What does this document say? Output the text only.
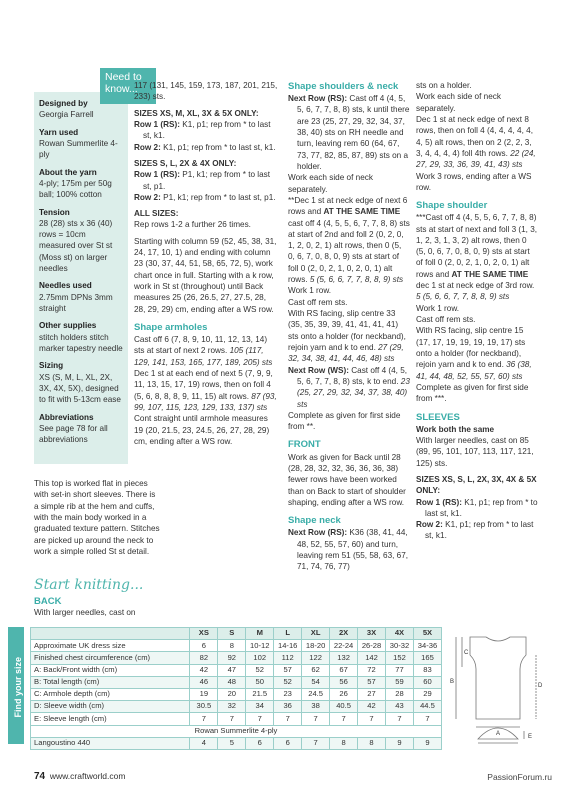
Designed by
Georgia Farrell
Yarn used
Rowan Summerlite 4-ply
About the yarn
4-ply; 175m per 50g ball; 100% cotton
Tension
28 (28) sts x 36 (40) rows = 10cm measured over St st (Moss st) on larger needles
Needles used
2.75mm DPNs 3mm straight
Other supplies
stitch holders stitch marker tapestry needle
Sizing
XS (S, M, L, XL, 2X, 3X, 4X, 5X), designed to fit with 5-13cm ease
Abbreviations
See page 78 for all abbreviations
Need to know...
This top is worked flat in pieces with set-in short sleeves. There is a simple rib at the hem and cuffs, with the main body worked in a graduated texture pattern. Stitches are picked up around the neck to work a simple rolled St st detail.
Start knitting...
BACK
With larger needles, cast on
117 (131, 145, 159, 173, 187, 201, 215, 233) sts.
SIZES XS, M, XL, 3X & 5X ONLY:
Row 1 (RS): K1, p1; rep from * to last st, k1.
Row 2: K1, p1; rep from * to last st, k1.
SIZES S, L, 2X & 4X ONLY:
Row 1 (RS): P1, k1; rep from * to last st, p1.
Row 2: P1, k1; rep from * to last st, p1.
ALL SIZES:
Rep rows 1-2 a further 26 times.
Starting with column 59 (52, 45, 38, 31, 24, 17, 10, 1) and ending with column 23 (30, 37, 44, 51, 58, 65, 72, 5), work chart once in full. Starting with a k row, work in St st (throughout) until Back measures 25 (26, 26.5, 27, 27.5, 28, 28, 29, 29) cm, ending after a WS row.
Shape armholes
Cast off 6 (7, 8, 9, 10, 11, 12, 13, 14) sts at start of next 2 rows. 105 (117, 129, 141, 153, 165, 177, 189, 205) sts
Dec 1 st at each end of next 5 (7, 9, 9, 11, 13, 15, 17, 19) rows, then on foll 4 (5, 6, 8, 8, 8, 9, 11, 15) alt rows. 87 (93, 99, 107, 115, 123, 129, 133, 137) sts
Cont straight until armhole measures 19 (20, 21.5, 23, 24.5, 26, 27, 28, 29) cm, ending after a WS row.
Shape shoulders & neck
Next Row (RS): Cast off 4 (4, 5, 5, 6, 7, 7, 8, 8) sts, k until there are 23 (25, 27, 29, 32, 34, 37, 38, 40) sts on RH needle and turn, leaving rem 60 (64, 67, 73, 77, 82, 85, 87, 89) sts on a holder.
Work each side of neck separately.
**Dec 1 st at neck edge of next 6 rows and AT THE SAME TIME cast off 4 (4, 5, 5, 6, 7, 7, 8, 8) sts at start of 2nd and foll 2 (0, 2, 0, 1, 2, 0, 2, 1) alt rows, then 0 (5, 0, 6, 7, 0, 8, 0, 9) sts at start of foll 0 (2, 0, 2, 1, 0, 2, 0, 1) alt rows. 5 (5, 6, 6, 7, 7, 8, 8, 9) sts
Work 1 row.
Cast off rem sts.
With RS facing, slip centre 33 (35, 35, 39, 39, 41, 41, 41, 41) sts onto a holder (for neckband), rejoin yarn and k to end. 27 (29, 32, 34, 38, 41, 44, 46, 48) sts
Next Row (WS): Cast off 4 (4, 5, 5, 6, 7, 7, 8, 8) sts, k to end. 23 (25, 27, 29, 32, 34, 37, 38, 40) sts
Complete as given for first side from **.
FRONT
Work as given for Back until 28 (28, 28, 32, 32, 36, 36, 36, 38) fewer rows have been worked than on Back to start of shoulder shaping, ending after a WS row.
Shape neck
Next Row (RS): K36 (38, 41, 44, 48, 52, 55, 57, 60) and turn, leaving rem 51 (55, 58, 63, 67, 71, 74, 76, 77)
sts on a holder.
Work each side of neck separately.
Dec 1 st at neck edge of next 8 rows, then on foll 4 (4, 4, 4, 4, 4, 4, 5) alt rows, then on 2 (2, 2, 3, 3, 4, 4, 4, 4) foll 4th rows. 22 (24, 27, 29, 33, 36, 39, 41, 43) sts
Work 3 rows, ending after a WS row.
Shape shoulder
***Cast off 4 (4, 5, 5, 6, 7, 7, 8, 8) sts at start of next and foll 3 (1, 3, 1, 2, 3, 1, 3, 2) alt rows, then 0 (5, 0, 6, 7, 0, 8, 0, 9) sts at start of foll 0 (2, 0, 2, 1, 0, 2, 0, 1) alt rows and AT THE SAME TIME dec 1 st at neck edge of 3rd row. 5 (5, 6, 6, 7, 7, 8, 8, 9) sts
Work 1 row.
Cast off rem sts.
With RS facing, slip centre 15 (17, 17, 19, 19, 19, 19, 17) sts onto a holder (for neckband), rejoin yarn and k to end. 36 (38, 41, 44, 48, 52, 55, 57, 60) sts
Complete as given for first side from ***.
SLEEVES
Work both the same
With larger needles, cast on 85 (89, 95, 101, 107, 113, 117, 121, 125) sts.
SIZES XS, S, L, 2X, 3X, 4X & 5X ONLY:
Row 1 (RS): K1, p1; rep from * to last st, k1.
Row 2: K1, p1; rep from * to last st, k1.
Find your size
	XS	S	M	L	XL	2X	3X	4X	5X
Approximate UK dress size	6	8	10-12	14-16	18-20	22-24	26-28	30-32	34-36
Finished chest circumference (cm)	82	92	102	112	122	132	142	152	165
A: Back/Front width (cm)	42	47	52	57	62	67	72	77	83
B: Total length (cm)	46	48	50	52	54	56	57	59	60
C: Armhole depth (cm)	19	20	21.5	23	24.5	26	27	28	29
D: Sleeve width (cm)	30.5	32	34	36	38	40.5	42	43	44.5
E: Sleeve length (cm)	7	7	7	7	7	7	7	7	7
Rowan Summerlite 4-ply									
Langoustino 440	4	5	6	6	7	8	8	9	9
C
B
A
D
E
74 www.craftworld.com	PassionForum.ru
